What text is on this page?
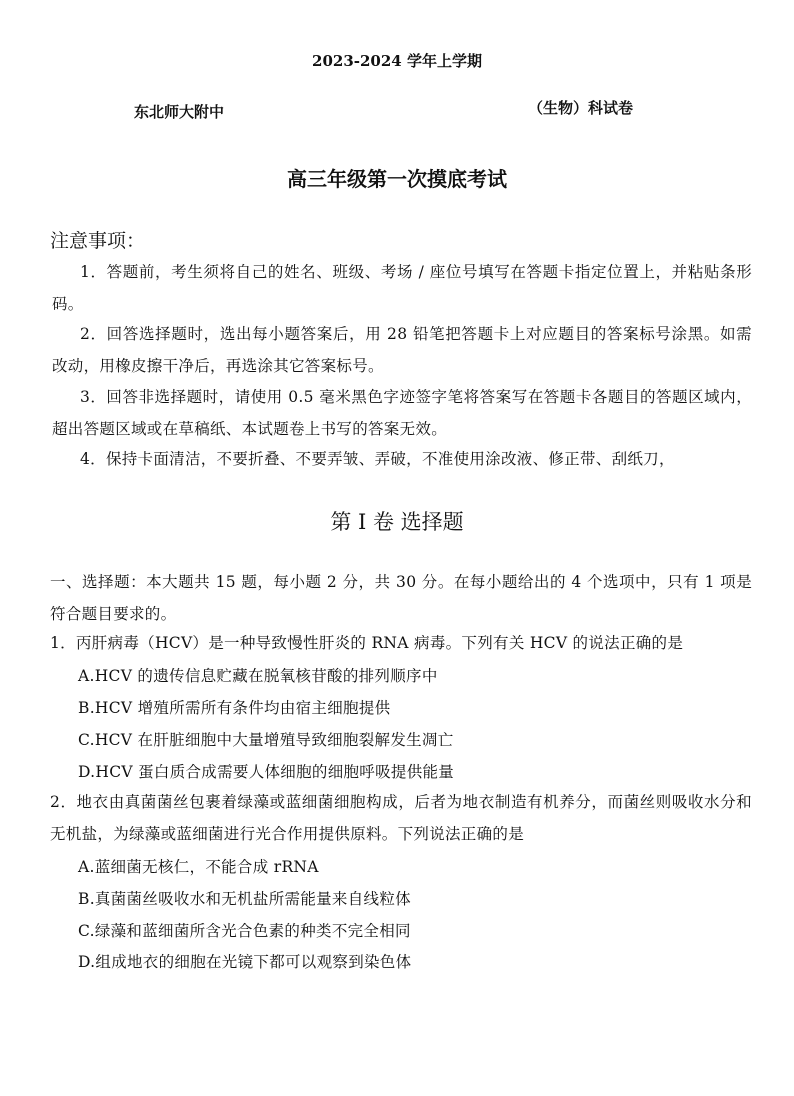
2023-2024 学年上学期
东北师大附中	（生物）科试卷
高三年级第一次摸底考试
注意事项：
1．答题前，考生须将自己的姓名、班级、考场 / 座位号填写在答题卡指定位置上，并粘贴条形码。
2．回答选择题时，选出每小题答案后，用 28 铅笔把答题卡上对应题目的答案标号涂黑。如需改动，用橡皮擦干净后，再选涂其它答案标号。
3．回答非选择题时，请使用 0.5 毫米黑色字迹签字笔将答案写在答题卡各题目的答题区域内，超出答题区域或在草稿纸、本试题卷上书写的答案无效。
4．保持卡面清洁，不要折叠、不要弄皱、弄破，不准使用涂改液、修正带、刮纸刀，
第 I 卷 选择题
一、选择题：本大题共 15 题，每小题 2 分，共 30 分。在每小题给出的 4 个选项中，只有 1 项是符合题目要求的。
1．丙肝病毒（HCV）是一种导致慢性肝炎的 RNA 病毒。下列有关 HCV 的说法正确的是
A.HCV 的遗传信息贮藏在脱氧核苷酸的排列顺序中
B.HCV 增殖所需所有条件均由宿主细胞提供
C.HCV 在肝脏细胞中大量增殖导致细胞裂解发生凋亡
D.HCV 蛋白质合成需要人体细胞的细胞呼吸提供能量
2．地衣由真菌菌丝包裹着绿藻或蓝细菌细胞构成，后者为地衣制造有机养分，而菌丝则吸收水分和无机盐，为绿藻或蓝细菌进行光合作用提供原料。下列说法正确的是
A.蓝细菌无核仁，不能合成 rRNA
B.真菌菌丝吸收水和无机盐所需能量来自线粒体
C.绿藻和蓝细菌所含光合色素的种类不完全相同
D.组成地衣的细胞在光镜下都可以观察到染色体
